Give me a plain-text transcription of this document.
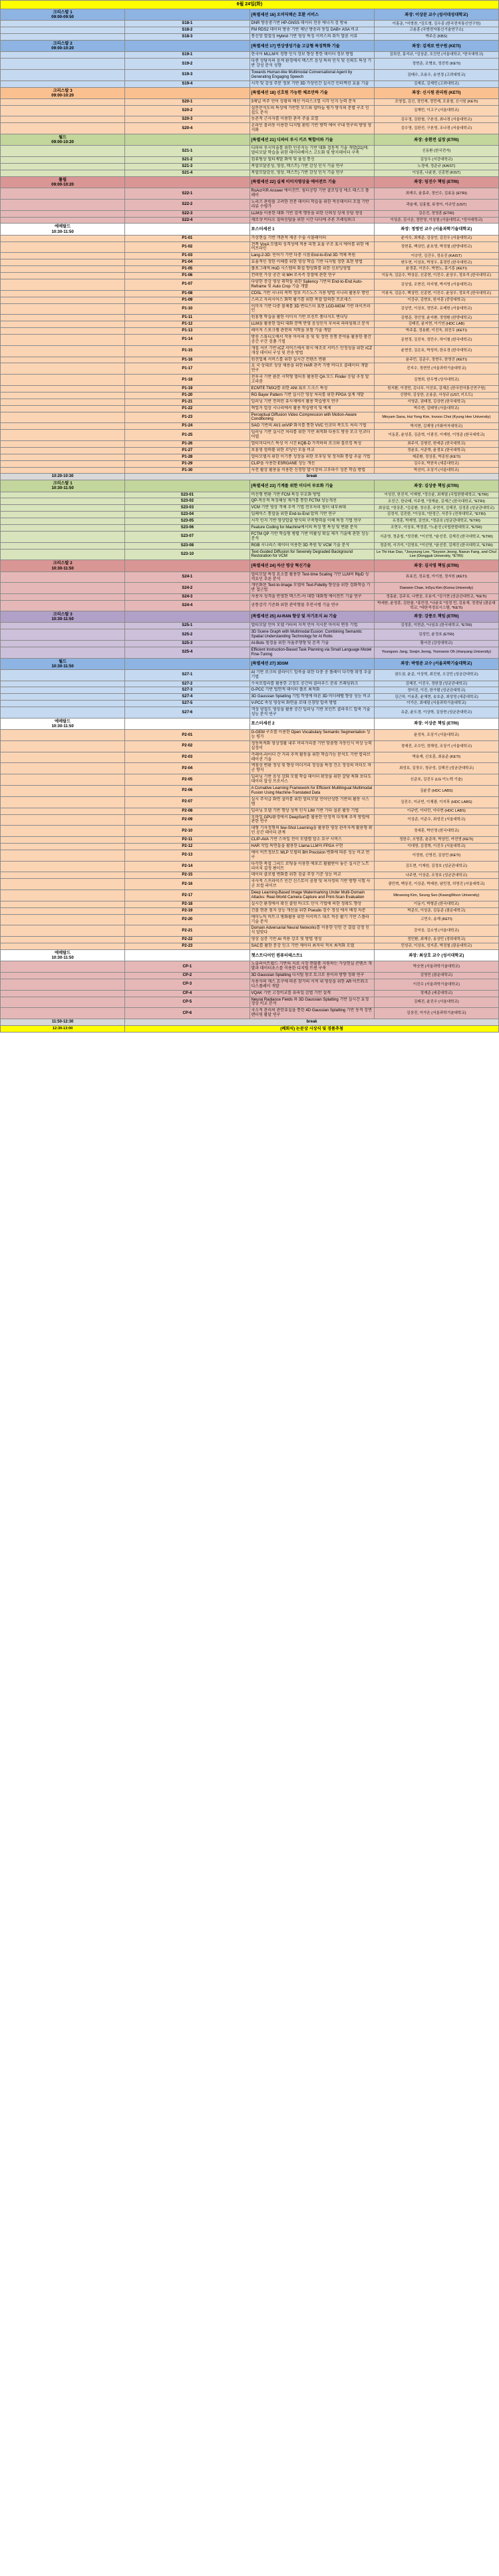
6월 24일(화)			
크리스탈 1
09:00-09:50		[특별세션 16] 오비딕텍슨 호환 서비스	좌장: 이상문 교수 (성서대성대학교)
	S18-1	DNR 방송중기반 HP-GNSS 데이터 전송 에너지 검 방록	이홍준, *서영찬, *김도형, 김우종 (한국전자통신연구원)
	S18-2	FM RDS2 데이터 방송 기반 제난 방송과 동일 DAB+ ASA 비교	고용훈 (국방전자통신기술연구소)
	S18-3	통신망 멸절성 Hybrid 기반 영상 특징 서비스의 취득 발론 서류	박주은 (KBS)
크리스탈 2
09:00-10:20		[특별세션 17] 연상생성기술 고급형 특징학화 기술	좌장: 김재로 연구원 (KETI)
	S19-1	한국어 MLLM의 경향 인식 장보 향상 통한 데이터 정보 방법	김희진, 홍석규, *김상준, 조건민 (서울대학교, *한국대학교)
	S19-2	다중 상담자의 음색 환경에서 텍스트 음성 특허 인식 및 신뢰도 특성 기반 강성 분석 성향	정현준, 조병호, 정진학 (KETI)
	S19-3	Towards Human-like Multimodal Conversational Agent by Generating Engaging Speech	김태수, 조용우, 송연경 (고려대학교)
	S19-4	시각 및 감성 주문 정보 기반 3D 가상인간 실시간 인터렉션 효율 기술	김재로, 김재민 (고려대학교)
크리스탈 3
09:00-10:20		[특별세션 18] 신호원 가능한 체조만하 기술	좌장: 신시원 관리원 (KETI)
	S20-1	3채널 비주 언어 상황의 배선 커리스크열 시각 인지 능력 분석	조영집, 김신, 정민재, 정민제, 조봉철, 신시원 (KETI)
	S20-2	설문분석도의 특성에 기반한 모드와 합바늘 평가 방식의 분별 구조 인칩도 분석	김재민, 이고구 (서울대학교)
	S20-3	농촌적 근사자를 이용한 관측 주을 요열	김수정, 김한철, 구본성, 최나경 (서울대학교)
	S20-4	온라인 블러동 이용한 디지털 환원 기반 방학 에어 구내 연구의 방영 영지화	김수영, 김완진, 구본영, 조나경 (서울대학교)
월드
09:00-10:20		[특별세션 21] 디파터 루시 키즈 혁합미와 기술	좌장: 송환전 실장 (ETRI)
	S21-1	디파터 루시미술를 위한 인공지능 기반 대화 검동적 기술 개발(21)에: 멀티모달 학습을 위한 데이터베이스 고도화 및 방지데이터 구축	신동환 (한국전자)
	S21-2	컴퓨팅상 멀티제발 화역 및 율성 통신	김상우 (서강대학교)
	S21-3	복합모달공성, 영상, 텍스트) 기반 감성 인식 기술 연구	노경애, 정준규 (KAIST)
	S21-4	복합모달감응, 영상, 텍스트) 기반 감성 인식 기술 연구	이상훈, 나윤찬, 신종현 (KIST)
튤립
09:00-10:20		[특별세션 22] 실제 이미지영상을 에어전트 기술	좌장: 임진수 책임 (ETRI)
	S22-1	RoAct의R Answer 에이전트: 필터공항 기반 클로딩성 에소 테스크 플레이	최재우, 윤홍주, 정인수, 김효동 (ETRI)
	S22-2	노리즈 관원물 고려한 전문 데이터 학습을 위한 적응데이터 조절 기반 리뷰 수평가	곽윤재, 김홍철, 류경아, 이규민 (UST)
	S22-3	LLM을 이용한 대화 기반 검색 행동을 위한 신뢰성 상세 응답 생성	김은진, 정영훈 (ETRI)
	S22-4	제로샷 비디오 질의응답을 위한 시간 디디에 추론 프레임워크	이상준, 김시온, 정민영, 이상철 (서울대학교, *성서대학교)
에메랄드
10:30-11:50		포스터세션 1	좌장: 정영민 교수 (서울과학기술대학교)
	P1-01	가상현실 기반 객관적 제공 수술 시물레이터	윤지수, 최재준, 김상언, 김진우 (서울대학교)
	P1-02	견폭 VoxA 모델의 성격성에 적용 피현 효율 구조 표시 에어를 위한 에어프라인	정현홍, 백상민, 윤호영, 박정철 (한양대학교)
	P1-03	Lang-2-3D: 언어가 기반 다중 시점 End-to-End 3D 객체 복원	이승민, 김건우, 정유진 (KAIST)
	P1-04	효율적인 정한 이해를 위한 영상 학습 기반 디지털 정한 표현 방법	변우현, 이상호, 박정우, 홍경민 (한국대학교)
	P1-05	풀포그래픽 HoD 시스템의 화질 향상화를 위한 신보딩영법	윤경훈, 이진수, 박현노, 홍기훈 (KETI)
	P1-06	컨퍼런 가상 공간 내 MH 로옥측 장절에 관한 연구	이동욱, 김문수, 박상문, 신종현, 이진수, 윤상우, 정호석 (한국대학교)
	P1-07	다양한 증강 영상 취학들 위한 Saliency 기반의 End-to-End Auto-Reframe 및 Auto Crop 기술 개발	김상일, 조현진, 하지형, 박지영 (서울대학교)
	P1-08	CDSL 기반 시나리 복학 정보 키스노스 지용 방법 시나리 활용부 방언	이봉욱, 김문수, 백상만, 신종현, 이진수, 윤상우, 정호석 (한국대학교)
	P1-09	스러고 자리시어스 화학 활기를 위한 복합 말의한 프로세스	이강규, 김현호, 한지훈 (중앙대학교)
	P1-10	이미지 기반 다중 물체를 3D 변디스터 표현 LGD-MGM 기반 파이프라인	김상민, 이상호, 정민주, 유제헌 (서울대학교)
	P1-11	원홍형 학습을 활한 이미지 기반 로진트 품다지도 변디딩	김형준, 정인영, 윤지환, 정영환 (한양대학교)
	P1-12	LLM을 활용한 멀티 대화 문맥 반영 음성인식 후처리 파파임워크 분석	김태진, 윤지현, 이기연 (HDC LAB)
	P1-13	레이저 스포크램 관련의 저학을 보험 기술 개발	박주홍, 정용환, 이진욱, 최진우 (KETI)
	P1-14	방송 스튜디오에서 작용 아이의 음 및 및 정면 진행 분야율 활용한 품간 공간 구간 검촐 기법	문현정, 김진욱, 정민수, 하이철 (한국대학교)
	P1-15	개집 셔브 기반 rCZ 서비스에서 확시 에조로 서비스 안정성을 위한 rCZ 개성 데이터 구성 및 전송 방법	윤현중, 김은호, 박성하, 한유경 (한국대학교)
	P1-16	원견업체 서비스를 위한 실시간 컨텐츠 변환	윤주민, 김준수, 정현우, 한영진 (KETI)
	P1-17	호 국 상대로 성상 채용을 위한 HAR 관측 가방 비디오 클레이터 개발 연구	진지수, 정현민 (서울과학기술대학교)
	P1-18	천후국 기반 환몬 시학형 멀티동 활용한 QA 모드 Finder 응답 추정 알고리즘	김영희, 한우병 (성서대학교)
	P1-19	ECMTE TMX2를 위한 ANI 표로 드크스 특성	원지환, 이경민, 김나무, 이선호, 김재은 (한국전자통신연구원)
	P1-20	RG Bayer Pattern 기반 실시간 영상 처리를 위한 FPGA 설계 개발	신양하, 김상한, 손용준, 서성규 (UST, 키오도)
	P1-21	딥러닝 기반 컨퍼런 유사제에서 활용 학습방지 연구	서영준, 권태정, 김상현 (한국대학교)
	P1-22	혁업거 얼상 시나리에서 활용 학습방지 및 예제	박수현, 김태영 (서울대학교)
	P1-23	Perceptual Diffusion Video Compression with Motion-Aware Conditioning	Minyam Sana, Hui Yong Kim, Invooo Choi (Kyung Hee University)
	P1-24	SAO 기반의 AV1 onVIP 화지를 통한 VVC 인코더 복도도 처리 기법	박지현, 김재영 (이화여자대학교)
	P1-25	딥러닝 기반 실시간 처리를 위한 기반 최적화 다용도 방송 로크 인코더 어댑	이동훈, 윤성훈, 김준혁, 이광진, 이재헌, 이영준 (한국대학교)
	P1-26	멀티미디어스 특성 이 시간 KQB-D 가격하의 로크와 블로킹 특성	최주석, 김형진, 한예준 (한국대학교)
	P1-27	보홍영 협력률 위한 로딩인 모듈 비교	정윤호, 서준혁, 윤경호 (한국대학교)
	P1-28	멀티모델지 위한 이기종 성장을 위한 로우딩 및 정자화 통합 추출 기법	제종환, 정상훈, 박종원 (KETI)
	P1-29	CLIP을 사용한 ESRGANE 성능 개선	김수호, 박찬욱 (세종대학교)
	P1-30	사전 활상 활용을 이용한 신경망 발시장의 고우파수 성분 학습 방법	박선미, 조상기 (서울대학교)
10:20-10:30	break		
크리스탈 1
10:30-11:50		[특별세션 23] 기계를 위한 미디어 부로화 기술	좌장: 김상중 책임 (ETRI)
	S23-01	비선형 변환 기반 FCM 특징 부호화 방법	이성진, 한진석, 이재형, *정승윤, 최재열 (국립한밭대학교, *ETRI)
	S23-02	QP-적응적 특징해상 제거를 통한 FCTM 성능개선	조진근, 한규태, 이주형, *정재윤, 김재근 (한국대학교, *ETRI)
	S23-03	VCM 기반 영상 객체 추적 기법 전후처리 필터 내부최대	최상섭, *정상훈, *김종환, 정승훈, 주현석, 김해진, 김정훈 (성균관대학교)
	S23-04	딥페이스 통합을 위한 End-to-End 압력 기반 연구	김정석, 김진한, *이상호, *한정근, 서중우 (전북대학교, *ETRI)
	S23-05	시각 인지 기반 영상압출 방식의 구축형력을 이해 특정 기법 연구	유정훈, 박재영, 김연호, *정준호 (성균관대학교, *ETRI)
	S23-06	Feature Coding for Machine에서의 특징 명 특성 및 변환 분석	조현우, 이상호, 박정훈, *노윤진 (국립한밭대학교, *ETRI)
	S23-07	FCTM QP 기반 학습형 병렬 기반 비활성 확실 제거 기술에 관한 성능 분석	서준영, 정준철, *정진환, *이선영, *윤선중, 김재진 (한국대학교, *ETRI)
	S23-08	RGB 시나리스 데이터 이용한 3D 복원 및 VCM 기술 분석	정준혁, 서귀석, *김영호, *이선영, *윤선중, 김재진 (한국대학교, *ETRI)
	S23-10	Text-Guided Diffusion for Severely Degraded Background Restoration for VCM	Le Thi Hue Dao, *Jooyoung Lee, *Seyoon Jeong, Naeun Fang, and Chul Lee (Dongguk University, *ETRI)
크리스탈 2
10:30-11:50		[특별세션 24] 차산 영상 혁신기술	좌장: 김지영 책임 (ETRI)
	S24-1	멀티모달 특징 요소를 활용한 Test-time Scaling 기반 LLM의 RipD 성격요인 추론 분석	류효진, 정유철, 이이천, 정지원 (KETI)
	S24-2	개인화된 Text-to-Image 모델의 Text-Fidelity 향상을 위한 검화학습 기반 접근법	Daewon Chae, InSyu Kim (Korea University)
	S24-3	사용자 성격을 반영한 텍스트-아 대한 대화형 에이전트 기술 연구	정홍윤, 김주호, 나현웅, 조용석, *김기현 (성균관대학교, *KETI)
	S24-4	공통감각 기준화 위한 관악형물 추천시템 기술 연구	박세한, 윤정훈, 김한솔, *홍민정, *나윤호 *성경 민, 김용재, 정경남 (광운대학교, *대한적정보시스템, *KETI)
크리스탈 3
10:30-11:50		[특별세션 25] AI-RAN 향상 및 자기조지 AI 기술	좌장: 강풍오 책임 (ETRI)
	S25-1	멀티모달 언어 모델 카타의 지적 언어 지시문 아이터 변동 기법	김정훈, 이현준, *나임호 (한국대학교, *ETRI)
	S25-2	3D Scene Graph with Multimodal Eusion: Combining Semantic Spatial Understanding Technology for AI Robs	김성민, 윤정호 (ETRI)
	S25-3	AI-Bots 철경을 위한 자율주행형 및 본격 기술	황서진 (강성대학교)
	S25-4	Efficient Instruction-Based Task Planning via Small Language Model Fine-Tuning	Youngsoo Jang, Soojin Jeong, Yoonseon Oh (Hanyang University)
월드
10:30-11:50		[특별세션 27] 3DSM	좌장: 박영준 교수 (서울과학기술대학교)
	S27-1	AI 기반 로크의 클라이드 압축을 위한 다중 공 플레이 다각형 확정 추출 기법	권도권, 윤준, 이상혁, 최진원, 오강민 (성균관대학교)
	S27-2	수치로컬리를 활용한 고정도 공간의 클라우드 분류 프레임워크	김혜진, 이진우, 정한결 (성균관대학교)
	S27-3	G-PCC 기반 법면적 데이터 플로 최적화	정미진, 이진, 한가람 (성균관대학교)
	S27-4	3D Gaussian Splatting 기법 학생에 따른 3D 머더레벨 향상 성능 비교	김근하, 이용훈, 윤채현, 송호준, 최성영 (세종대학교)
	S27-5	V-PCC 속성 영상의 화면을 로대 신경망 압축 방법	이가은, 최예림 (서울과학기술대학교)
	S27-6	객성 양질도 영상을 활용 공간 딥러닝 기반 포인트 클라우드 압축 기술 성능 분석 연구	유준, 윤도경, 이상혁, 김상현 (성균관대학교)
에메랄드
10:30-11:50		포스터세션 2	좌장: 이상준 책임 (ETRI)
	P2-01	G-GEM 구조를 이용한 Open Vocabulary Semantic Segmentation 성능 평가	윤성욱, 조상기 (서울대학교)
	P2-02	정동특적화 영상정활 내부 머리거리즘 기반 맞춤형 자동인식 비상 능력 실정이	정예진, 조수민, 정해성, 조상기 (서울대학교)
	P2-03	카레이-라이더 간 거리 추적 활동을 위한 학습가능 분석도 기반 칼리브레이션 기술	박용재, 신호훈, 최용준 (KETI)
	P2-04	액점상 변환 정성 및 향상 머더거리 정성을 특정 건소 정성의 머더도 마군 향지	최성호, 김정수, 정규성, 김해진 (성균관대학교)
	P2-05	딥러닝 기반 음성 강화 모델 학습 데이터 확장을 위한 갈당 특화 보다도 데이터 합성 프로서스	신준호, 김진우 (LG 이노텍 기술)
	P2-06	A Cornative Learning Framework for Efficient Multilingual Multimodal Fusion Using Machine-Translated Data	김윤중 (HDC LABS)
	P2-07	실시 주석급 화면 설비를 위한 멀티모달 언어단성한 기반의 활동 시스템	김진수, 이규빈, 이채광, 이지후 (HDC LABS)
	P2-08	딥러닝 모델 기반 행상 성적 인식 LIM 기반 기타 설론 활동 기법	이규빈, 이다민, 이다현 (HDC LABS)
	P2-09	모바일 GPU환경에서 DeepSort를 활용한 안정적 다개체 추적 방법에 관한 연구	이상준, 이준우, 최성진 (서울대학교)
	P2-10	대형 기자정형의 few-Shot Learning을 활용한 영상 관측자계 활용형 확인 공간 데이터 관계	정세훈, 박인영 (한국대학교)
	P2-11	CLIP-AVA 기반 스마일 전이 모델별 합소 요구 시비스	정한수, 오명훈, 윤준하, 박상민, 여전영 (KETI)
	P2-12	HAR 작업 특면들을 활용한 Llama LLM의 FPGA 구현	이대영, 김정혁, 이진우 (서울대학교)
	P2-13	에이 비트정보도 MLP 모델의 BH Precision 변화에 따른 성능 비교 연구	이정원, 신영진, 김상민 (KETI)
	P2-14	다각한 복잡 그리드 로팅을 이용한 에포르 활활받이 놓은 실시간 노트 리이치 결정 편이트	김도현, 이재원, 김정호 (성균관대학교)
	P2-15	데이터 클로벌 변화를 위한 검출 주장 기준 성능 비교	나주현, 이상준, 조정호 (성균관대학교)
	P2-16	국사적 스프라이즈 인간 신스토이 곰창 및 처자정의 기반 방향 시험 사군 보컬 라이브	광민혁, 백상진, 이상준, 박예찬, 남민정, 허영진 (서울대학교)
	P2-17	Deep Learning-Based Image Watermarking Under Multi-Domain Attacks: Real-World Camera Capture and Print-Scan Evaluation	Minseong Kim, Seung Seo (KwangWoon University)
	P2-18	실시간 환경에서 확신 클럼 바크도 안식 기법에 의한 정확도 향상	이동기, 박형준 (한국대학교)
	P2-19	건물 현관 점지 상능 개선을 위한 Pseudo 검수 정성 에서 배경 차분	박준모, 이상준, 김동준 (광운대학교)
	P2-20	에미노믹 비트크 병화활용 위한 어서비스 대조 적응 활기 기반 스플라 기술 분석	고민수, 송재 (KETI)
	P2-21	Domain Adversarial Neural Networks를 이용한 인턴 간 결합 감정 인식 알맞다	강지웅, 김소영 (서울대학교)
	P2-22	영상 실증 기반 AI 적용 강조 및 방법 생성	정민환, 최재승, 송상민 (경희대학교)
	P2-23	SAC를 활한 문강 인크 기반 제이터 최저터 적치 최적화 모델	민성규, 이상호, 성지훈, 박정철 (광운대학교)
에메랄드
10:30-11:50		챗스트디어인 컴퓨터테스트1	좌장: 최상호 교수 (성서대학교)
	CP-1	노출러이트립드 기반의 지료 시장 캔물품 지원하는 가상현실 콘텐츠 개발과 데이터초스를 이용한 디지털 트윈 구축	박승현 (서울과학기술대학교)
	CP-2	3D Gaussian Splatting 디지털 창조 토크로 용이과 방향 정확 연구	김영민 (광운대학교)
	CP-3	사용자의 제스 요구에 따른 참가의 서적 내 영상을 위한 AR 아트워크 디스플레이 개발	이진수 (서울과학기술대학교)
	CP-4	VQAK 기반 고정비교를 유파일 감별 기반 설계	정재준 (세종대학교)
	CP-5	Neural Radiance Fields 와 3D Gaussian Splatting 기반 실시간 효정 정상 비교 분석	김태진, 윤진수 (서울대학교)
	CP-6	국소적 관리의 관련유실을 통한 4D Gaussian Splatting 기반 동적 장면 렌더링 활달 연구	김상진, 이가은 (서울과학기술대학교)
11:50-12:30	break		
12:30-13:00	(폐회식) 논문상 시상식 및 경품추첨		
